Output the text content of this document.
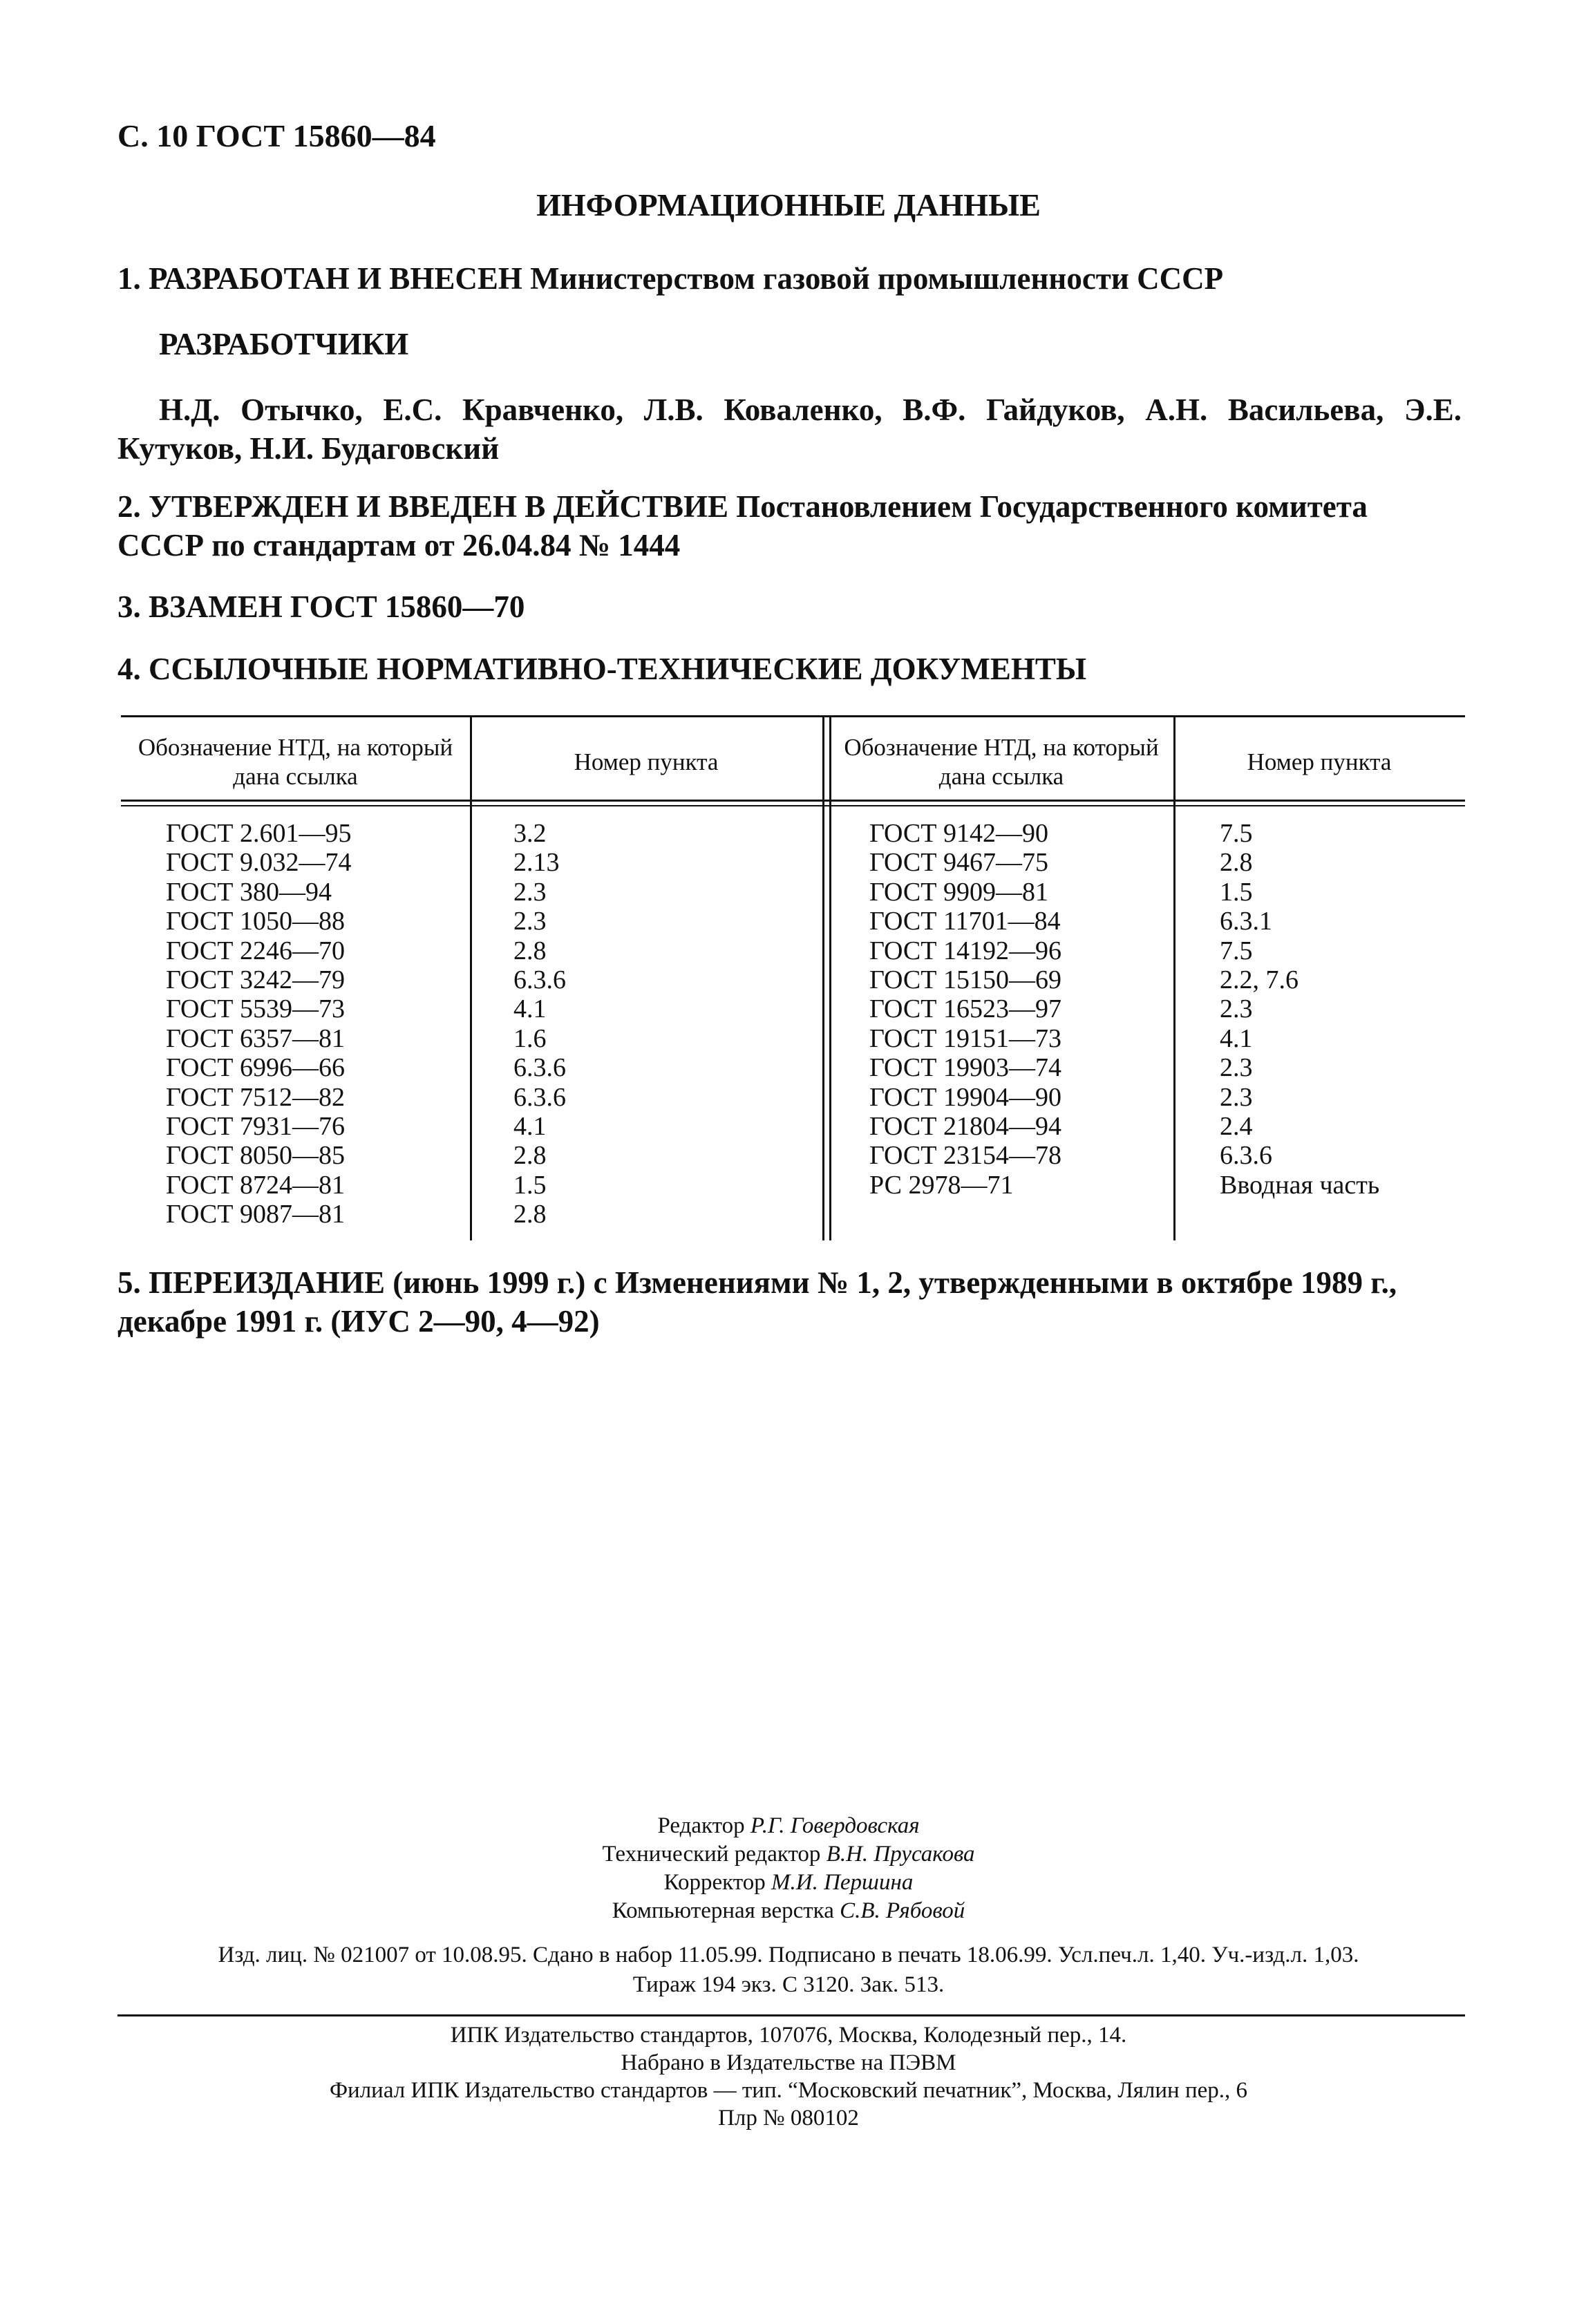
С. 10 ГОСТ 15860—84
ИНФОРМАЦИОННЫЕ ДАННЫЕ
1. РАЗРАБОТАН И ВНЕСЕН Министерством газовой промышленности СССР
РАЗРАБОТЧИКИ
Н.Д. Отычко, Е.С. Кравченко, Л.В. Коваленко, В.Ф. Гайдуков, А.Н. Васильева, Э.Е. Кутуков, Н.И. Будаговский
2. УТВЕРЖДЕН И ВВЕДЕН В ДЕЙСТВИЕ Постановлением Государственного комитета СССР по стандартам от 26.04.84 № 1444
3. ВЗАМЕН ГОСТ 15860—70
4. ССЫЛОЧНЫЕ НОРМАТИВНО-ТЕХНИЧЕСКИЕ ДОКУМЕНТЫ
Обозначение НТД, на который дана ссылка
Номер пункта
Обозначение НТД, на который дана ссылка
Номер пункта
ГОСТ 2.601—95
ГОСТ 9.032—74
ГОСТ 380—94
ГОСТ 1050—88
ГОСТ 2246—70
ГОСТ 3242—79
ГОСТ 5539—73
ГОСТ 6357—81
ГОСТ 6996—66
ГОСТ 7512—82
ГОСТ 7931—76
ГОСТ 8050—85
ГОСТ 8724—81
ГОСТ 9087—81
3.2
2.13
2.3
2.3
2.8
6.3.6
4.1
1.6
6.3.6
6.3.6
4.1
2.8
1.5
2.8
ГОСТ 9142—90
ГОСТ 9467—75
ГОСТ 9909—81
ГОСТ 11701—84
ГОСТ 14192—96
ГОСТ 15150—69
ГОСТ 16523—97
ГОСТ 19151—73
ГОСТ 19903—74
ГОСТ 19904—90
ГОСТ 21804—94
ГОСТ 23154—78
РС 2978—71
7.5
2.8
1.5
6.3.1
7.5
2.2, 7.6
2.3
4.1
2.3
2.3
2.4
6.3.6
Вводная часть
5. ПЕРЕИЗДАНИЕ (июнь 1999 г.) с Изменениями № 1, 2, утвержденными в октябре 1989 г., декабре 1991 г. (ИУС 2—90, 4—92)
Редактор Р.Г. Говердовская
Технический редактор В.Н. Прусакова
Корректор М.И. Першина
Компьютерная верстка С.В. Рябовой
Изд. лиц. № 021007 от 10.08.95. Сдано в набор 11.05.99. Подписано в печать 18.06.99. Усл.печ.л. 1,40. Уч.-изд.л. 1,03.
Тираж 194 экз. С 3120. Зак. 513.
ИПК Издательство стандартов, 107076, Москва, Колодезный пер., 14.
Набрано в Издательстве на ПЭВМ
Филиал ИПК Издательство стандартов — тип. “Московский печатник”, Москва, Лялин пер., 6
Плр № 080102
